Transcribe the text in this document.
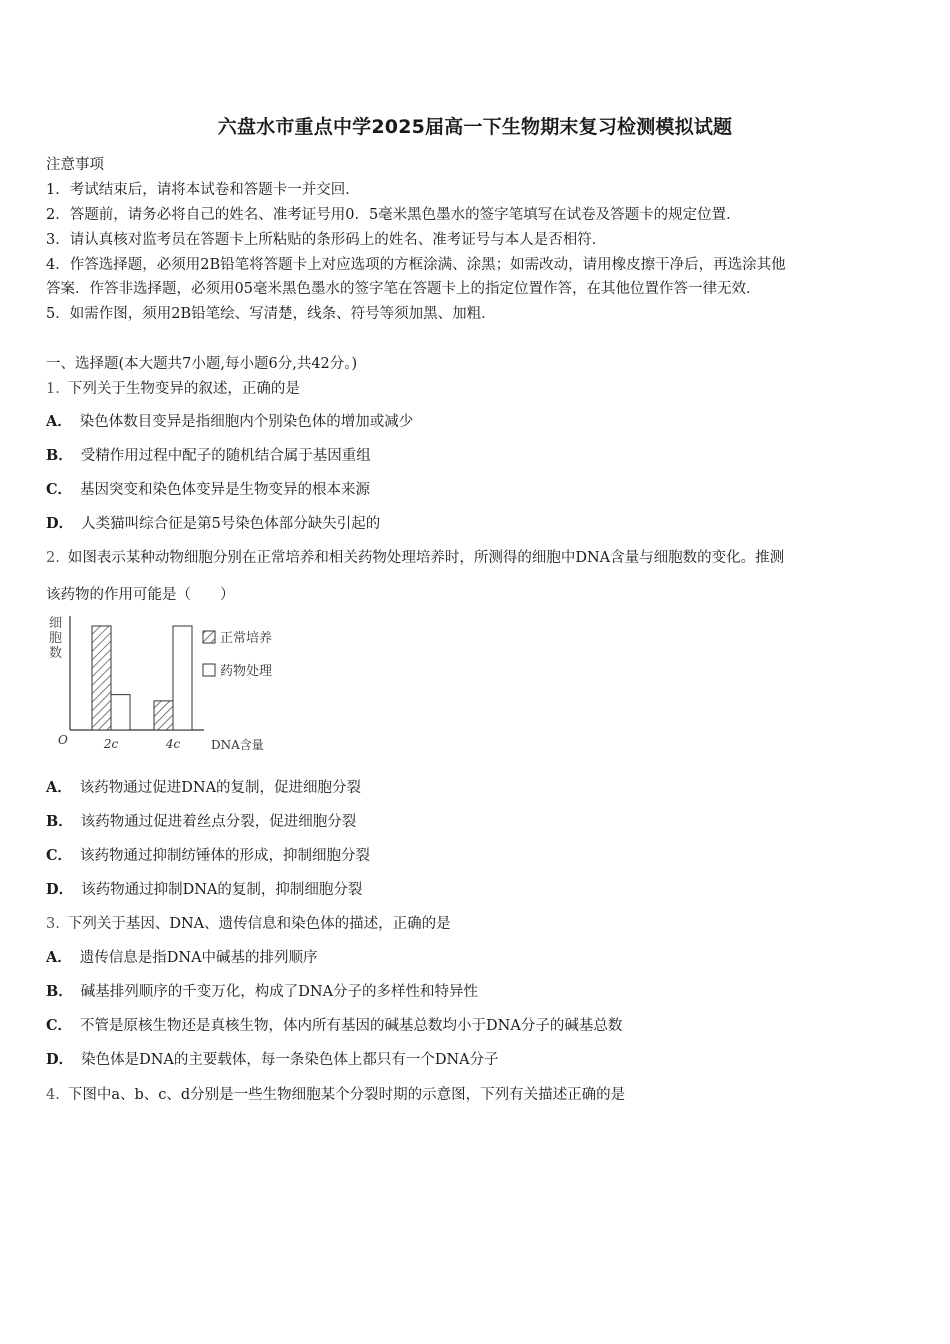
六盘水市重点中学2025届高一下生物期末复习检测模拟试题
注意事项
1．考试结束后，请将本试卷和答题卡一并交回．
2．答题前，请务必将自己的姓名、准考证号用0．5毫米黑色墨水的签字笔填写在试卷及答题卡的规定位置．
3．请认真核对监考员在答题卡上所粘贴的条形码上的姓名、准考证号与本人是否相符．
4．作答选择题，必须用2B铅笔将答题卡上对应选项的方框涂满、涂黑；如需改动，请用橡皮擦干净后，再选涂其他
答案．作答非选择题，必须用05毫米黑色墨水的签字笔在答题卡上的指定位置作答，在其他位置作答一律无效．
5．如需作图，须用2B铅笔绘、写清楚，线条、符号等须加黑、加粗．
一、选择题(本大题共7小题,每小题6分,共42分。)
1. 下列关于生物变异的叙述，正确的是
A． 染色体数目变异是指细胞内个别染色体的增加或减少
B． 受精作用过程中配子的随机结合属于基因重组
C． 基因突变和染色体变异是生物变异的根本来源
D． 人类猫叫综合征是第5号染色体部分缺失引起的
2. 如图表示某种动物细胞分别在正常培养和相关药物处理培养时，所测得的细胞中DNA含量与细胞数的变化。推测
该药物的作用可能是（　　）
细
胞
数
O	2c	4c	DNA含量
正常培养
药物处理
A． 该药物通过促进DNA的复制，促进细胞分裂
B． 该药物通过促进着丝点分裂，促进细胞分裂
C． 该药物通过抑制纺锤体的形成，抑制细胞分裂
D． 该药物通过抑制DNA的复制，抑制细胞分裂
3. 下列关于基因、DNA、遗传信息和染色体的描述，正确的是
A． 遗传信息是指DNA中碱基的排列顺序
B． 碱基排列顺序的千变万化，构成了DNA分子的多样性和特异性
C． 不管是原核生物还是真核生物，体内所有基因的碱基总数均小于DNA分子的碱基总数
D． 染色体是DNA的主要载体，每一条染色体上都只有一个DNA分子
4. 下图中a、b、c、d分别是一些生物细胞某个分裂时期的示意图，下列有关描述正确的是
